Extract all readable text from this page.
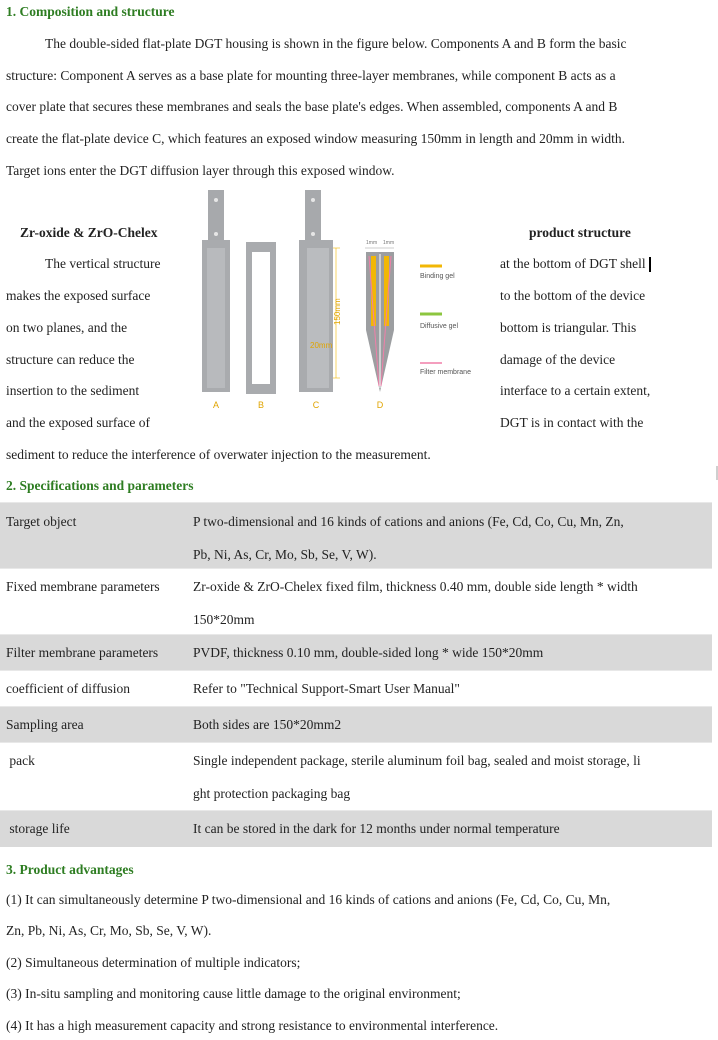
1. Composition and structure
The double-sided flat-plate DGT housing is shown in the figure below. Components A and B form the basic
structure: Component A serves as a base plate for mounting three-layer membranes, while component B acts as a
cover plate that secures these membranes and seals the base plate's edges. When assembled, components A and B
create the flat-plate device C, which features an exposed window measuring 150mm in length and 20mm in width.
Target ions enter the DGT diffusion layer through this exposed window.
Zr-oxide & ZrO-Chelex	product structure
The vertical structure
makes the exposed surface
on two planes, and the
structure can reduce the
insertion to the sediment
and the exposed surface of
at the bottom of DGT shell
to the bottom of the device
bottom is triangular. This
damage of the device
interface to a certain extent,
DGT is in contact with the
sediment to reduce the interference of overwater injection to the measurement.
150mm
20mm
1mm 1mm
Binding gel
Diffusive gel
Filter membrane
A	B	C	D
2. Specifications and parameters
Target object	P two-dimensional and 16 kinds of cations and anions (Fe, Cd, Co, Cu, Mn, Zn,
Pb, Ni, As, Cr, Mo, Sb, Se, V, W).

Fixed membrane parameters	Zr-oxide & ZrO-Chelex fixed film, thickness 0.40 mm, double side length * width
150*20mm

Filter membrane parameters	PVDF, thickness 0.10 mm, double-sided long * wide 150*20mm

coefficient of diffusion	Refer to "Technical Support-Smart User Manual"

Sampling area	Both sides are 150*20mm2

pack	Single independent package, sterile aluminum foil bag, sealed and moist storage, li
ght protection packaging bag

storage life	It can be stored in the dark for 12 months under normal temperature
3. Product advantages
(1) It can simultaneously determine P two-dimensional and 16 kinds of cations and anions (Fe, Cd, Co, Cu, Mn,
Zn, Pb, Ni, As, Cr, Mo, Sb, Se, V, W).
(2) Simultaneous determination of multiple indicators;
(3) In-situ sampling and monitoring cause little damage to the original environment;
(4) It has a high measurement capacity and strong resistance to environmental interference.
